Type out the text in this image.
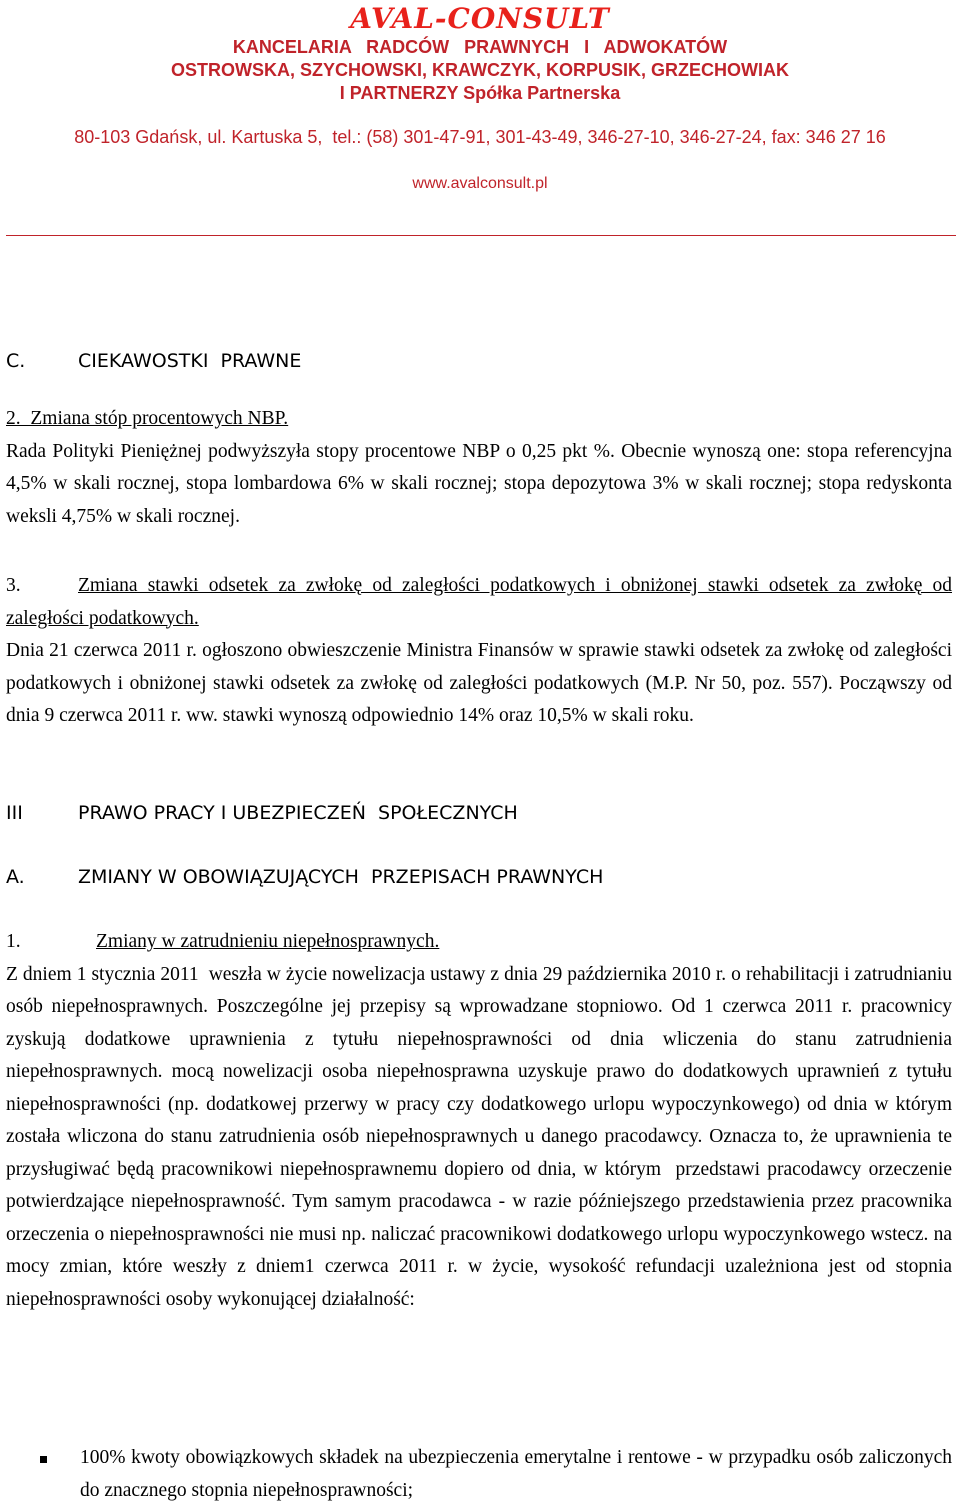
AVAL-CONSULT
KANCELARIA   RADCÓW   PRAWNYCH   I   ADWOKATÓW
OSTROWSKA, SZYCHOWSKI, KRAWCZYK, KORPUSIK, GRZECHOWIAK
I PARTNERZY Spółka Partnerska
80-103 Gdańsk, ul. Kartuska 5,  tel.: (58) 301-47-91, 301-43-49, 346-27-10, 346-27-24, fax: 346 27 16
www.avalconsult.pl
C.	CIEKAWOSTKI  PRAWNE
2.  Zmiana stóp procentowych NBP.
Rada Polityki Pieniężnej podwyższyła stopy procentowe NBP o 0,25 pkt %. Obecnie wynoszą one: stopa referencyjna 4,5% w skali rocznej, stopa lombardowa 6% w skali rocznej; stopa depozytowa 3% w skali rocznej; stopa redyskonta weksli 4,75% w skali rocznej.
3.	Zmiana stawki odsetek za zwłokę od zaległości podatkowych i obniżonej stawki odsetek za zwłokę od zaległości podatkowych.
Dnia 21 czerwca 2011 r. ogłoszono obwieszczenie Ministra Finansów w sprawie stawki odsetek za zwłokę od zaległości podatkowych i obniżonej stawki odsetek za zwłokę od zaległości podatkowych (M.P. Nr 50, poz. 557). Począwszy od dnia 9 czerwca 2011 r. ww. stawki wynoszą odpowiednio 14% oraz 10,5% w skali roku.
III	PRAWO PRACY I UBEZPIECZEŃ  SPOŁECZNYCH
A.	ZMIANY W OBOWIĄZUJĄCYCH  PRZEPISACH PRAWNYCH
1.	Zmiany w zatrudnieniu niepełnosprawnych.
Z dniem 1 stycznia 2011  weszła w życie nowelizacja ustawy z dnia 29 października 2010 r. o rehabilitacji i zatrudnianiu osób niepełnosprawnych. Poszczególne jej przepisy są wprowadzane stopniowo. Od 1 czerwca 2011 r. pracownicy zyskują dodatkowe uprawnienia z tytułu niepełnosprawności od dnia wliczenia do stanu zatrudnienia niepełnosprawnych. mocą nowelizacji osoba niepełnosprawna uzyskuje prawo do dodatkowych uprawnień z tytułu niepełnosprawności (np. dodatkowej przerwy w pracy czy dodatkowego urlopu wypoczynkowego) od dnia w którym została wliczona do stanu zatrudnienia osób niepełnosprawnych u danego pracodawcy. Oznacza to, że uprawnienia te przysługiwać będą pracownikowi niepełnosprawnemu dopiero od dnia, w którym  przedstawi pracodawcy orzeczenie potwierdzające niepełnosprawność. Tym samym pracodawca - w razie późniejszego przedstawienia przez pracownika orzeczenia o niepełnosprawności nie musi np. naliczać pracownikowi dodatkowego urlopu wypoczynkowego wstecz. na mocy zmian, które weszły z dniem1 czerwca 2011 r. w życie, wysokość refundacji uzależniona jest od stopnia niepełnosprawności osoby wykonującej działalność:
100% kwoty obowiązkowych składek na ubezpieczenia emerytalne i rentowe - w przypadku osób zaliczonych do znacznego stopnia niepełnosprawności;
